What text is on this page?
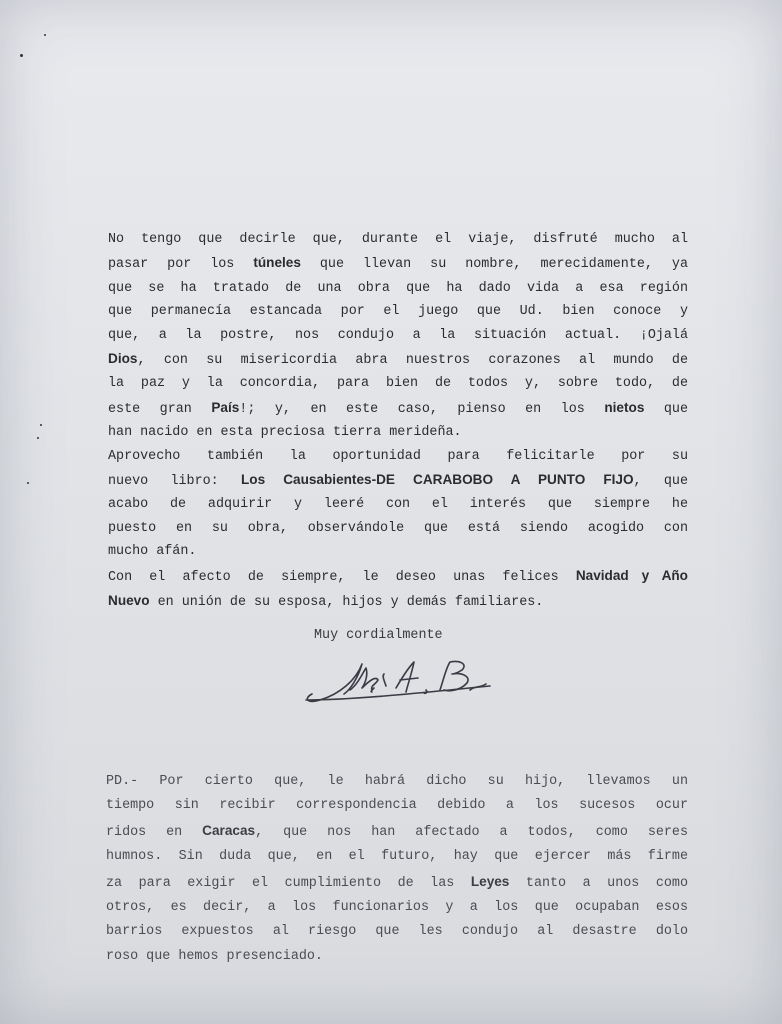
No tengo que decirle que, durante el viaje, disfruté mucho al
pasar por los túneles que llevan su nombre, merecidamente, ya
que se ha tratado de una obra que ha dado vida a esa región
que permanecía estancada por el juego que Ud. bien conoce y
que, a la postre, nos condujo a la situación actual. ¡Ojalá
Dios, con su misericordia abra nuestros corazones al mundo de
la paz y la concordia, para bien de todos y, sobre todo, de
este gran País!; y, en este caso, pienso en los nietos que
han nacido en esta preciosa tierra merideña.
Aprovecho también la oportunidad para felicitarle por su
nuevo libro: Los Causabientes-DE CARABOBO A PUNTO FIJO, que
acabo de adquirir y leeré con el interés que siempre he
puesto en su obra, observándole que está siendo acogido con
mucho afán.
Con el afecto de siempre, le deseo unas felices Navidad y Año
Nuevo en unión de su esposa, hijos y demás familiares.
Muy cordialmente
PD.- Por cierto que, le habrá dicho su hijo, llevamos un
tiempo sin recibir correspondencia debido a los sucesos ocur
ridos en Caracas, que nos han afectado a todos, como seres
humnos. Sin duda que, en el futuro, hay que ejercer más firme
za para exigir el cumplimiento de las Leyes tanto a unos como
otros, es decir, a los funcionarios y a los que ocupaban esos
barrios expuestos al riesgo que les condujo al desastre dolo
roso que hemos presenciado.
